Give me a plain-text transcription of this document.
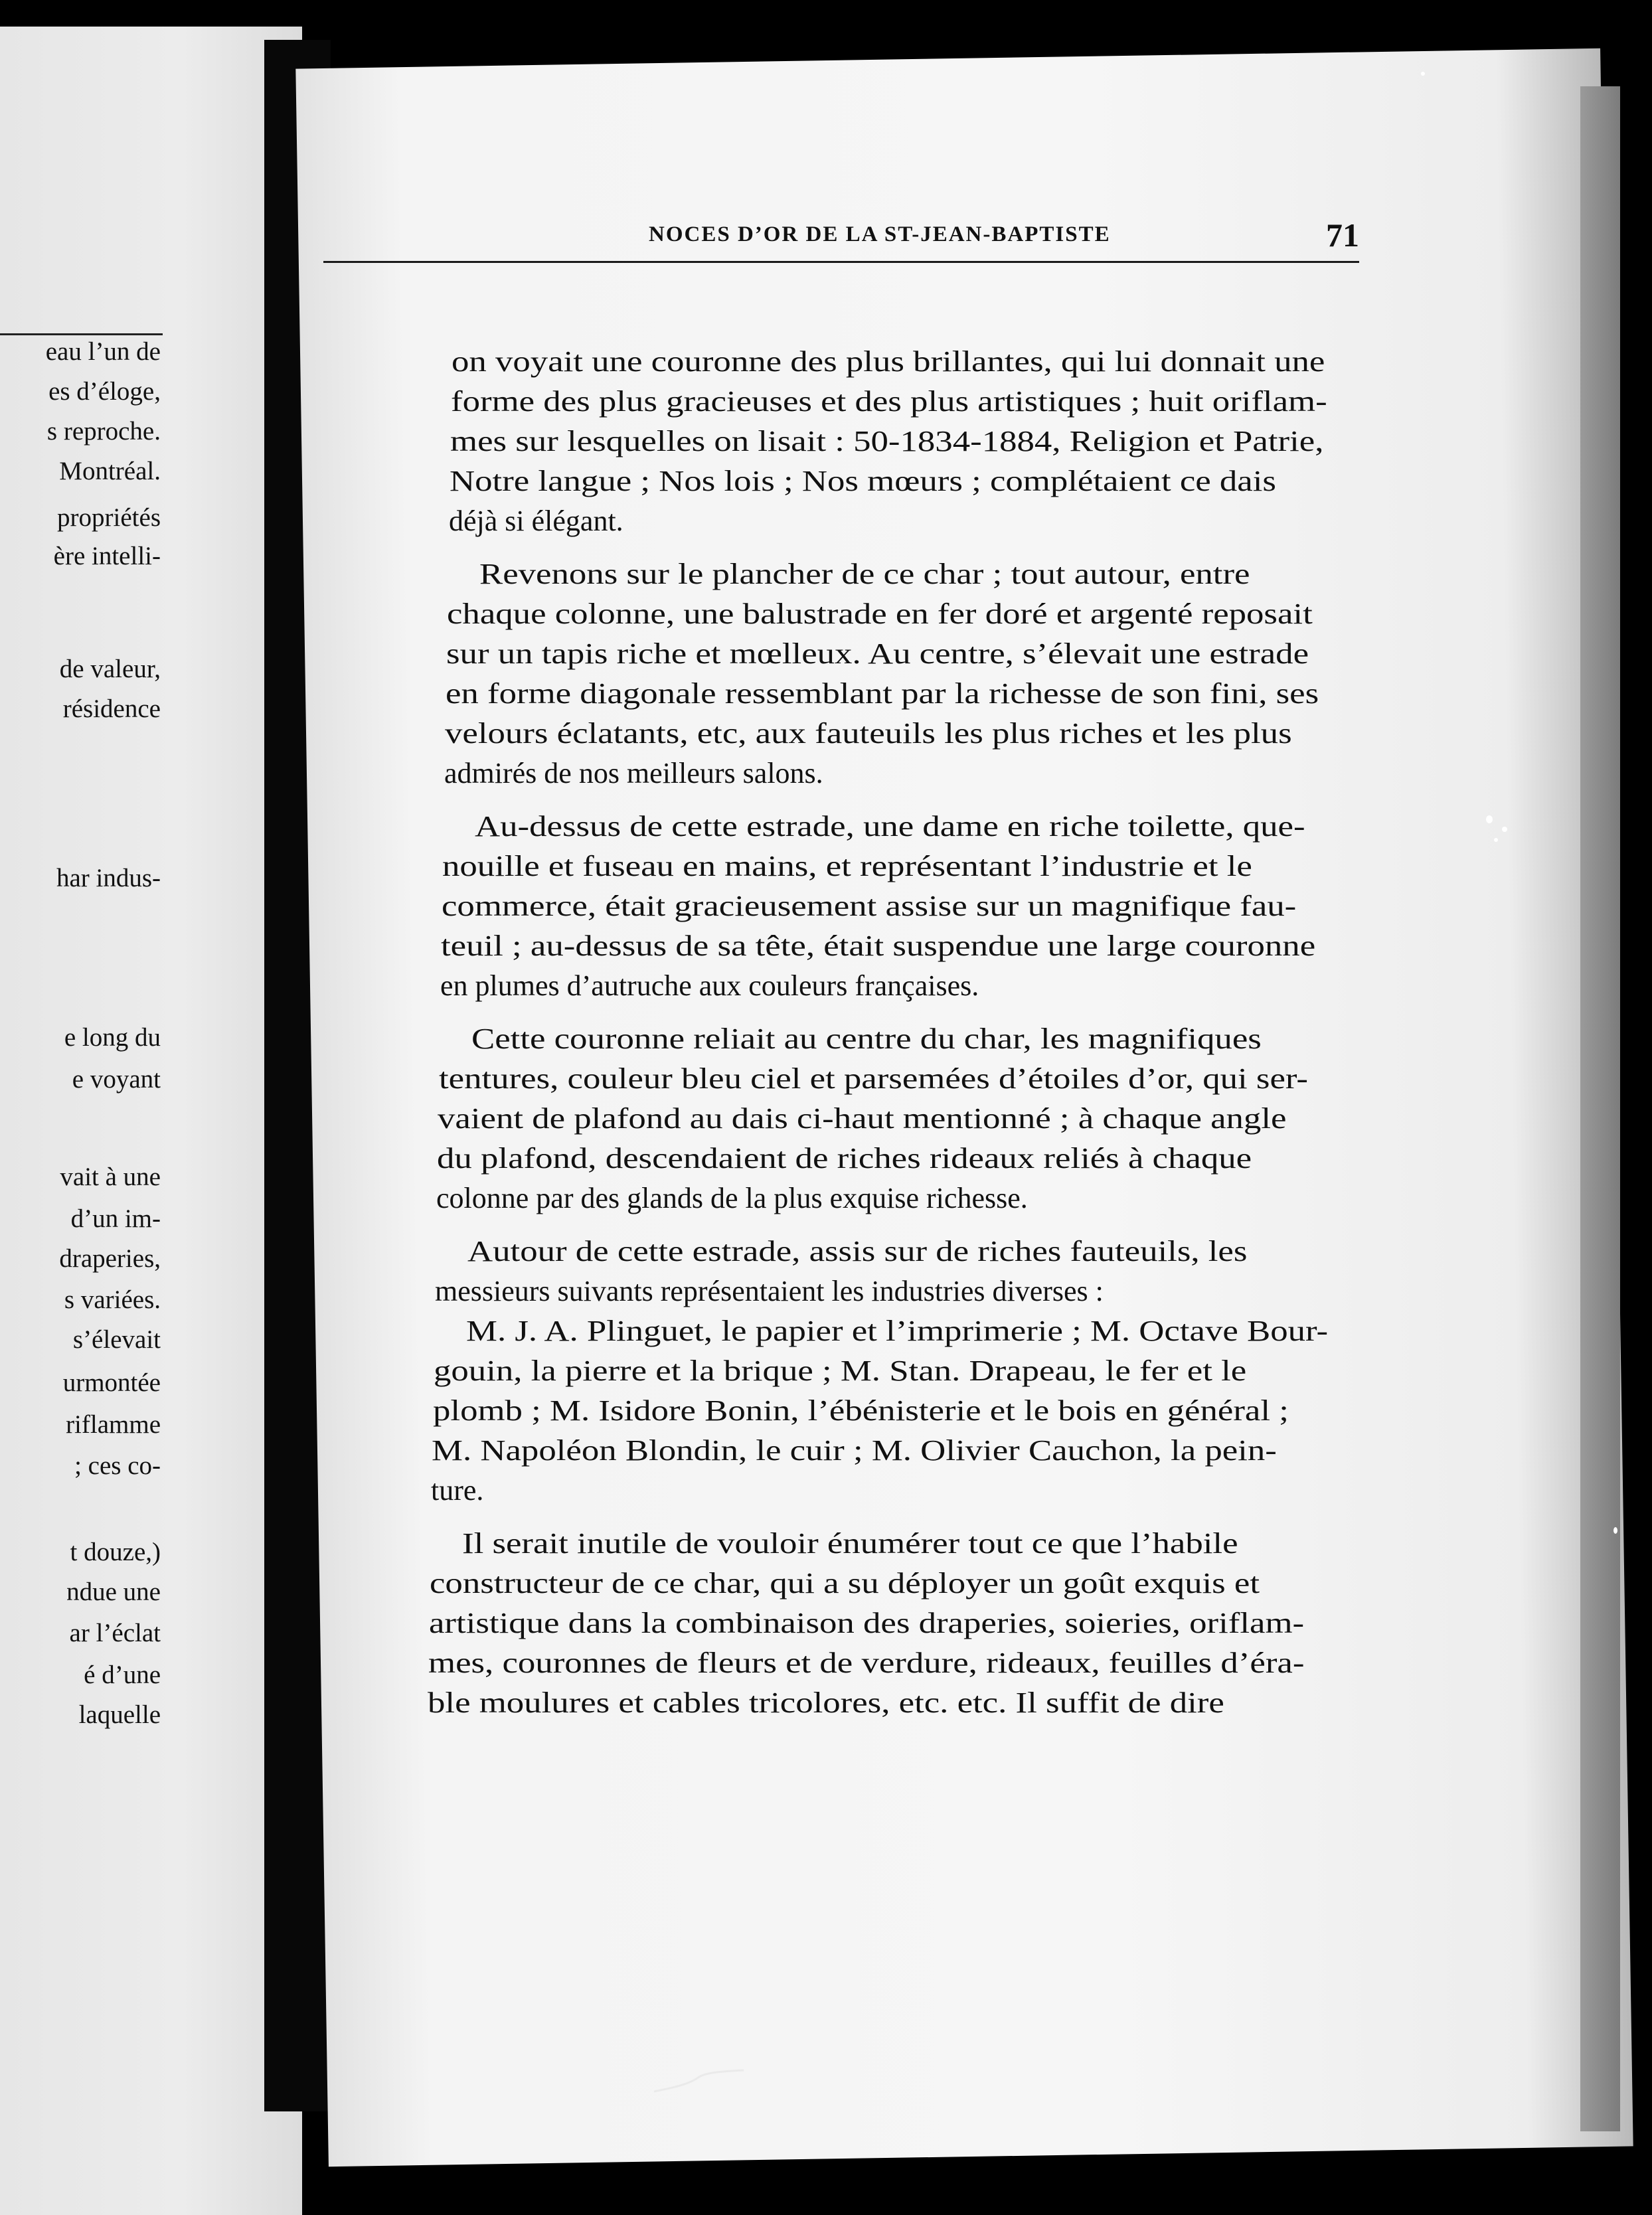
eau l’un de
es d’éloge,
s reproche.
Montréal.
propriétés
ère intelli-
de valeur,
résidence
har indus-
e long du
e voyant
vait à une
d’un im-
draperies,
s variées.
s’élevait
urmontée
riflamme
; ces co-
t douze,)
ndue une
ar l’éclat
é d’une
laquelle
NOCES D’OR DE LA ST-JEAN-BAPTISTE	71
on voyait une couronne des plus brillantes, qui lui donnait une
forme des plus gracieuses et des plus artistiques ; huit oriflam-
mes sur lesquelles on lisait : 50-1834-1884, Religion et Patrie,
Notre langue ; Nos lois ; Nos mœurs ; complétaient ce dais
déjà si élégant.
Revenons sur le plancher de ce char ; tout autour, entre
chaque colonne, une balustrade en fer doré et argenté reposait
sur un tapis riche et mœlleux. Au centre, s’élevait une estrade
en forme diagonale ressemblant par la richesse de son fini, ses
velours éclatants, etc, aux fauteuils les plus riches et les plus
admirés de nos meilleurs salons.
Au-dessus de cette estrade, une dame en riche toilette, que-
nouille et fuseau en mains, et représentant l’industrie et le
commerce, était gracieusement assise sur un magnifique fau-
teuil ; au-dessus de sa tête, était suspendue une large couronne
en plumes d’autruche aux couleurs françaises.
Cette couronne reliait au centre du char, les magnifiques
tentures, couleur bleu ciel et parsemées d’étoiles d’or, qui ser-
vaient de plafond au dais ci-haut mentionné ; à chaque angle
du plafond, descendaient de riches rideaux reliés à chaque
colonne par des glands de la plus exquise richesse.
Autour de cette estrade, assis sur de riches fauteuils, les
messieurs suivants représentaient les industries diverses :
M. J. A. Plinguet, le papier et l’imprimerie ; M. Octave Bour-
gouin, la pierre et la brique ; M. Stan. Drapeau, le fer et le
plomb ; M. Isidore Bonin, l’ébénisterie et le bois en général ;
M. Napoléon Blondin, le cuir ; M. Olivier Cauchon, la pein-
ture.
Il serait inutile de vouloir énumérer tout ce que l’habile
constructeur de ce char, qui a su déployer un goût exquis et
artistique dans la combinaison des draperies, soieries, oriflam-
mes, couronnes de fleurs et de verdure, rideaux, feuilles d’éra-
ble moulures et cables tricolores, etc. etc. Il suffit de dire
